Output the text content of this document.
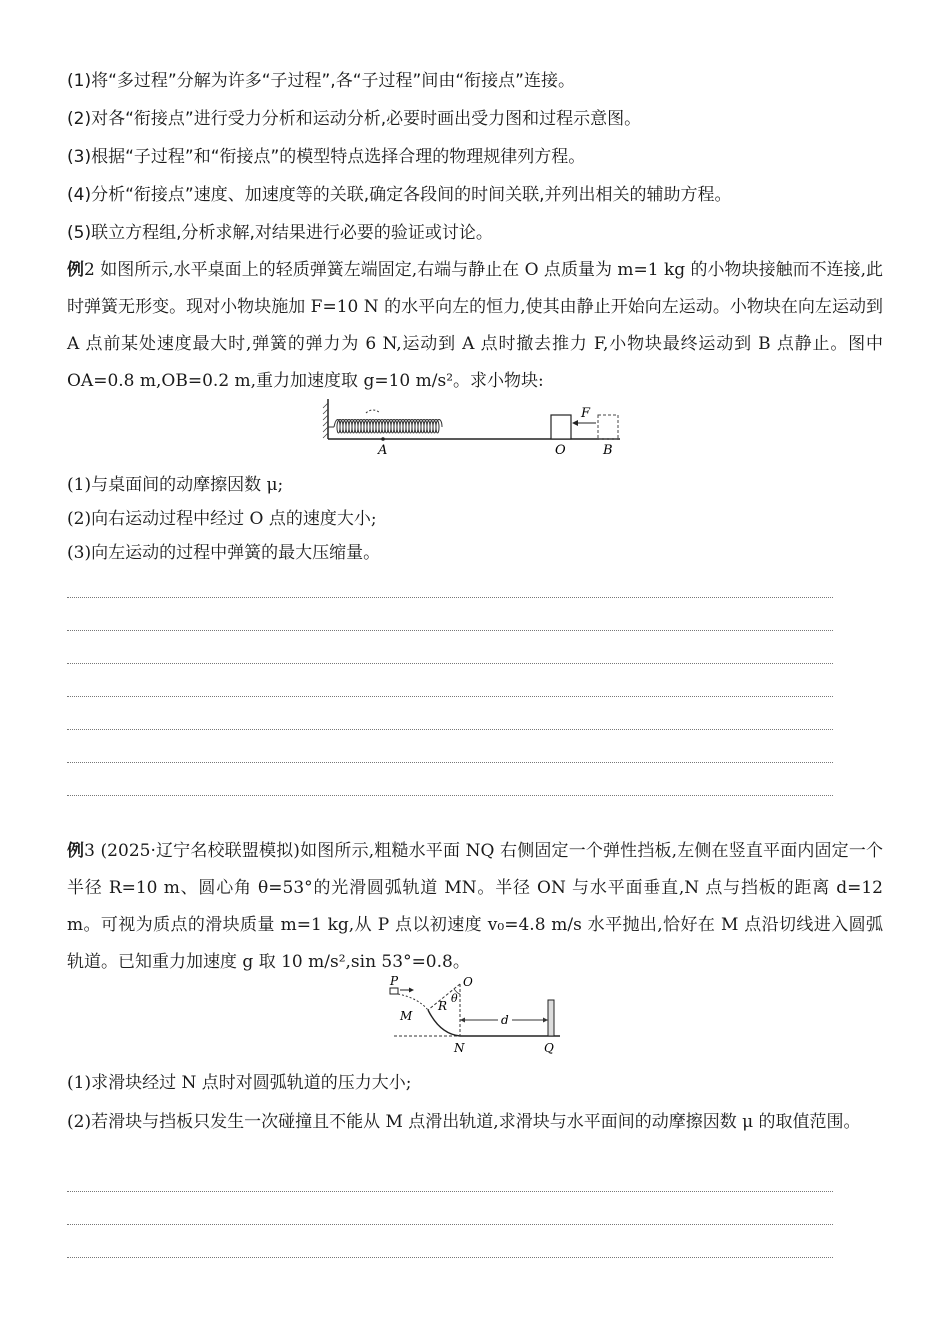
(1)将“多过程”分解为许多“子过程”,各“子过程”间由“衔接点”连接。
(2)对各“衔接点”进行受力分析和运动分析,必要时画出受力图和过程示意图。
(3)根据“子过程”和“衔接点”的模型特点选择合理的物理规律列方程。
(4)分析“衔接点”速度、加速度等的关联,确定各段间的时间关联,并列出相关的辅助方程。
(5)联立方程组,分析求解,对结果进行必要的验证或讨论。
例2 如图所示,水平桌面上的轻质弹簧左端固定,右端与静止在 O 点质量为 m=1 kg 的小物块接触而不连接,此时弹簧无形变。现对小物块施加 F=10 N 的水平向左的恒力,使其由静止开始向左运动。小物块在向左运动到 A 点前某处速度最大时,弹簧的弹力为 6 N,运动到 A 点时撤去推力 F,小物块最终运动到 B 点静止。图中 OA=0.8 m,OB=0.2 m,重力加速度取 g=10 m/s²。求小物块:
F
A	O	B
(1)与桌面间的动摩擦因数 μ;
(2)向右运动过程中经过 O 点的速度大小;
(3)向左运动的过程中弹簧的最大压缩量。
例3 (2025·辽宁名校联盟模拟)如图所示,粗糙水平面 NQ 右侧固定一个弹性挡板,左侧在竖直平面内固定一个半径 R=10 m、圆心角 θ=53°的光滑圆弧轨道 MN。半径 ON 与水平面垂直,N 点与挡板的距离 d=12 m。可视为质点的滑块质量 m=1 kg,从 P 点以初速度 v₀=4.8 m/s 水平抛出,恰好在 M 点沿切线进入圆弧轨道。已知重力加速度 g 取 10 m/s²,sin 53°=0.8。
P	O
θ
R
M	d
N	Q
(1)求滑块经过 N 点时对圆弧轨道的压力大小;
(2)若滑块与挡板只发生一次碰撞且不能从 M 点滑出轨道,求滑块与水平面间的动摩擦因数 μ 的取值范围。
